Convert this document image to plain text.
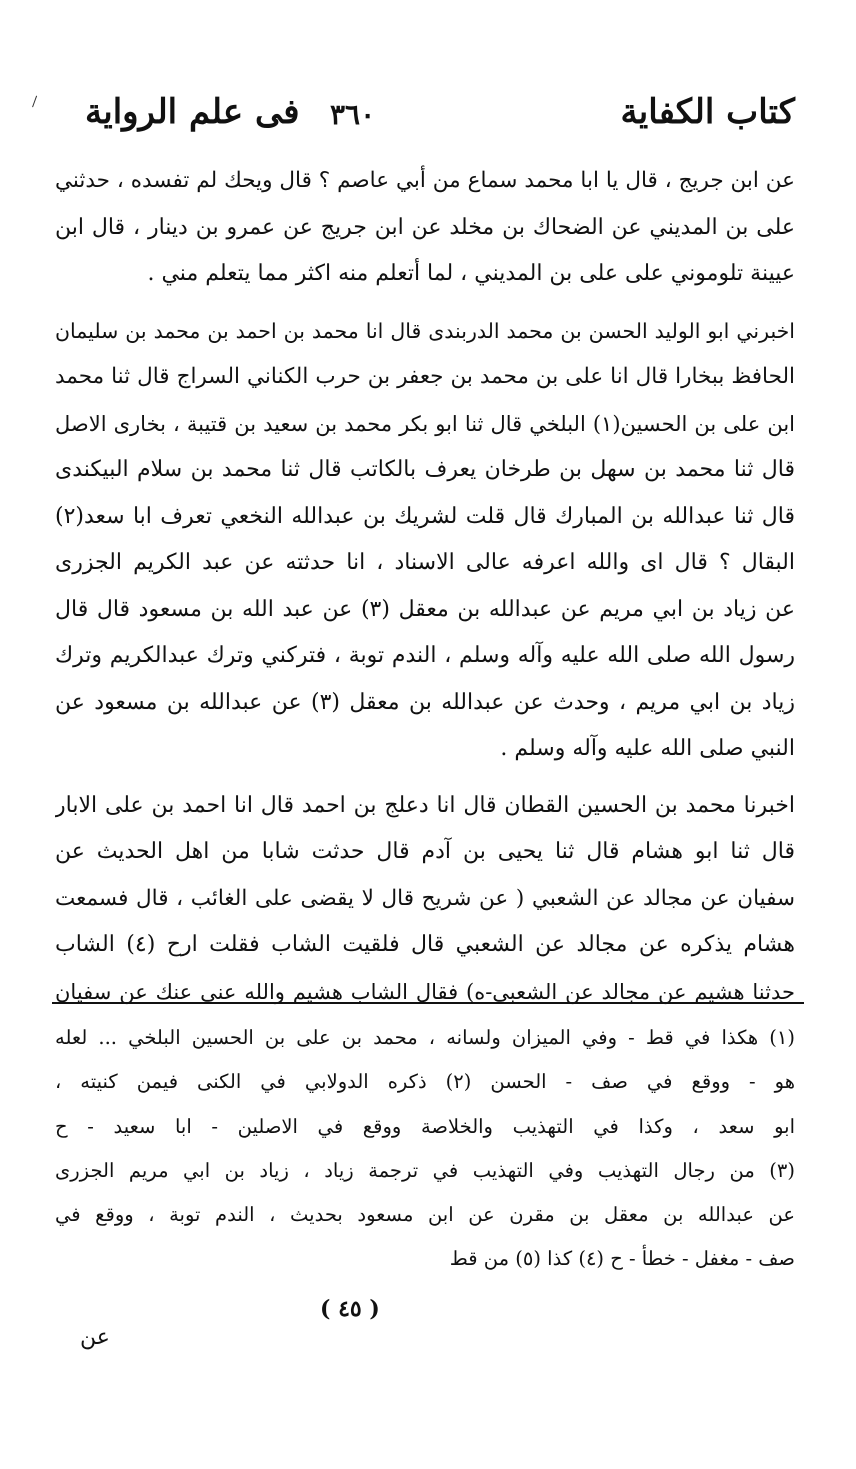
كتاب الكفاية
٣٦٠
فى علم الرواية
عن ابن جريج ، قال يا ابا محمد سماع من أبي عاصم ؟ قال ويحك لم تفسده ، حدثني
على بن المديني عن الضحاك بن مخلد عن ابن جريج عن عمرو بن دينار ، قال ابن
عيينة تلوموني على على بن المديني ، لما أتعلم منه اكثر مما يتعلم مني .
اخبرني ابو الوليد الحسن بن محمد الدربندى قال انا محمد بن احمد بن محمد بن سليمان
الحافظ ببخارا قال انا على بن محمد بن جعفر بن حرب الكناني السراج قال ثنا محمد
ابن على بن الحسين(١) البلخي قال ثنا ابو بكر محمد بن سعيد بن قتيبة ، بخارى الاصل
قال ثنا محمد بن سهل بن طرخان يعرف بالكاتب قال ثنا محمد بن سلام البيكندى
قال ثنا عبدالله بن المبارك قال قلت لشريك بن عبدالله النخعي تعرف ابا سعد(٢)
البقال ؟ قال اى والله اعرفه عالى الاسناد ، انا حدثته عن عبد الكريم الجزرى
عن زياد بن ابي مريم عن عبدالله بن معقل (٣) عن عبد الله بن مسعود قال قال
رسول الله صلى الله عليه وآله وسلم ، الندم توبة ، فتركني وترك عبدالكريم وترك
زياد بن ابي مريم ، وحدث عن عبدالله بن معقل (٣) عن عبدالله بن مسعود عن
النبي صلى الله عليه وآله وسلم .
اخبرنا محمد بن الحسين القطان قال انا دعلج بن احمد قال انا احمد بن على الابار
قال ثنا ابو هشام قال ثنا يحيى بن آدم قال حدثت شابا من اهل الحديث عن
سفيان عن مجالد عن الشعبي ( عن شريح قال لا يقضى على الغائب ، قال فسمعت
هشام يذكره عن مجالد عن الشعبي قال فلقيت الشاب فقلت ارح (٤) الشاب
حدثنا هشيم عن مجالد عن الشعبي-ه) فقال الشاب هشيم والله عنى عنك عن سفيان
(١) هكذا في قط - وفي الميزان ولسانه ، محمد بن على بن الحسين البلخي ... لعله
هو - ووقع في صف - الحسن (٢) ذكره الدولابي في الكنى فيمن كنيته ،
ابو سعد ، وكذا في التهذيب والخلاصة ووقع في الاصلين - ابا سعيد - ح
(٣) من رجال التهذيب وفي التهذيب في ترجمة زياد ، زياد بن ابي مريم الجزرى
عن عبدالله بن معقل بن مقرن عن ابن مسعود بحديث ، الندم توبة ، ووقع في
صف - مغفل - خطأ - ح (٤) كذا (٥) من قط
( ٤٥ )
عن
